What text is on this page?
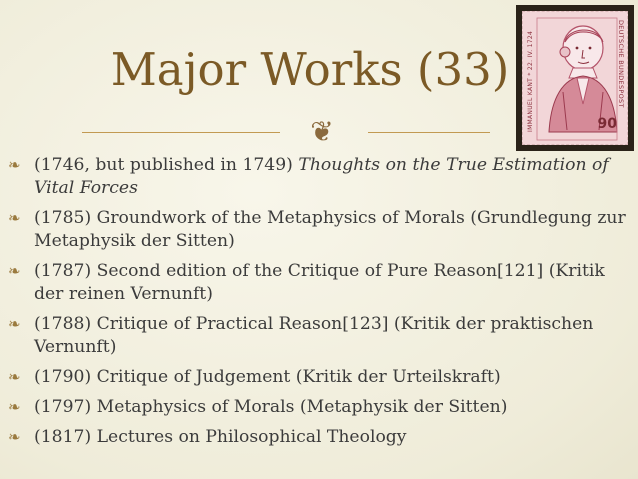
Major Works (33)
❦	IMMANUEL KANT * 22. IV. 1724	DEUTSCHE BUNDESPOST
90
❧ (1746, but published in 1749) Thoughts on the True Estimation of Vital Forces
❧ (1785) Groundwork of the Metaphysics of Morals (Grundlegung zur Metaphysik der Sitten)
❧ (1787) Second edition of the Critique of Pure Reason[121] (Kritik der reinen Vernunft)
❧ (1788) Critique of Practical Reason[123] (Kritik der praktischen Vernunft)
❧ (1790) Critique of Judgement (Kritik der Urteilskraft)
❧ (1797) Metaphysics of Morals (Metaphysik der Sitten)
❧ (1817) Lectures on Philosophical Theology
